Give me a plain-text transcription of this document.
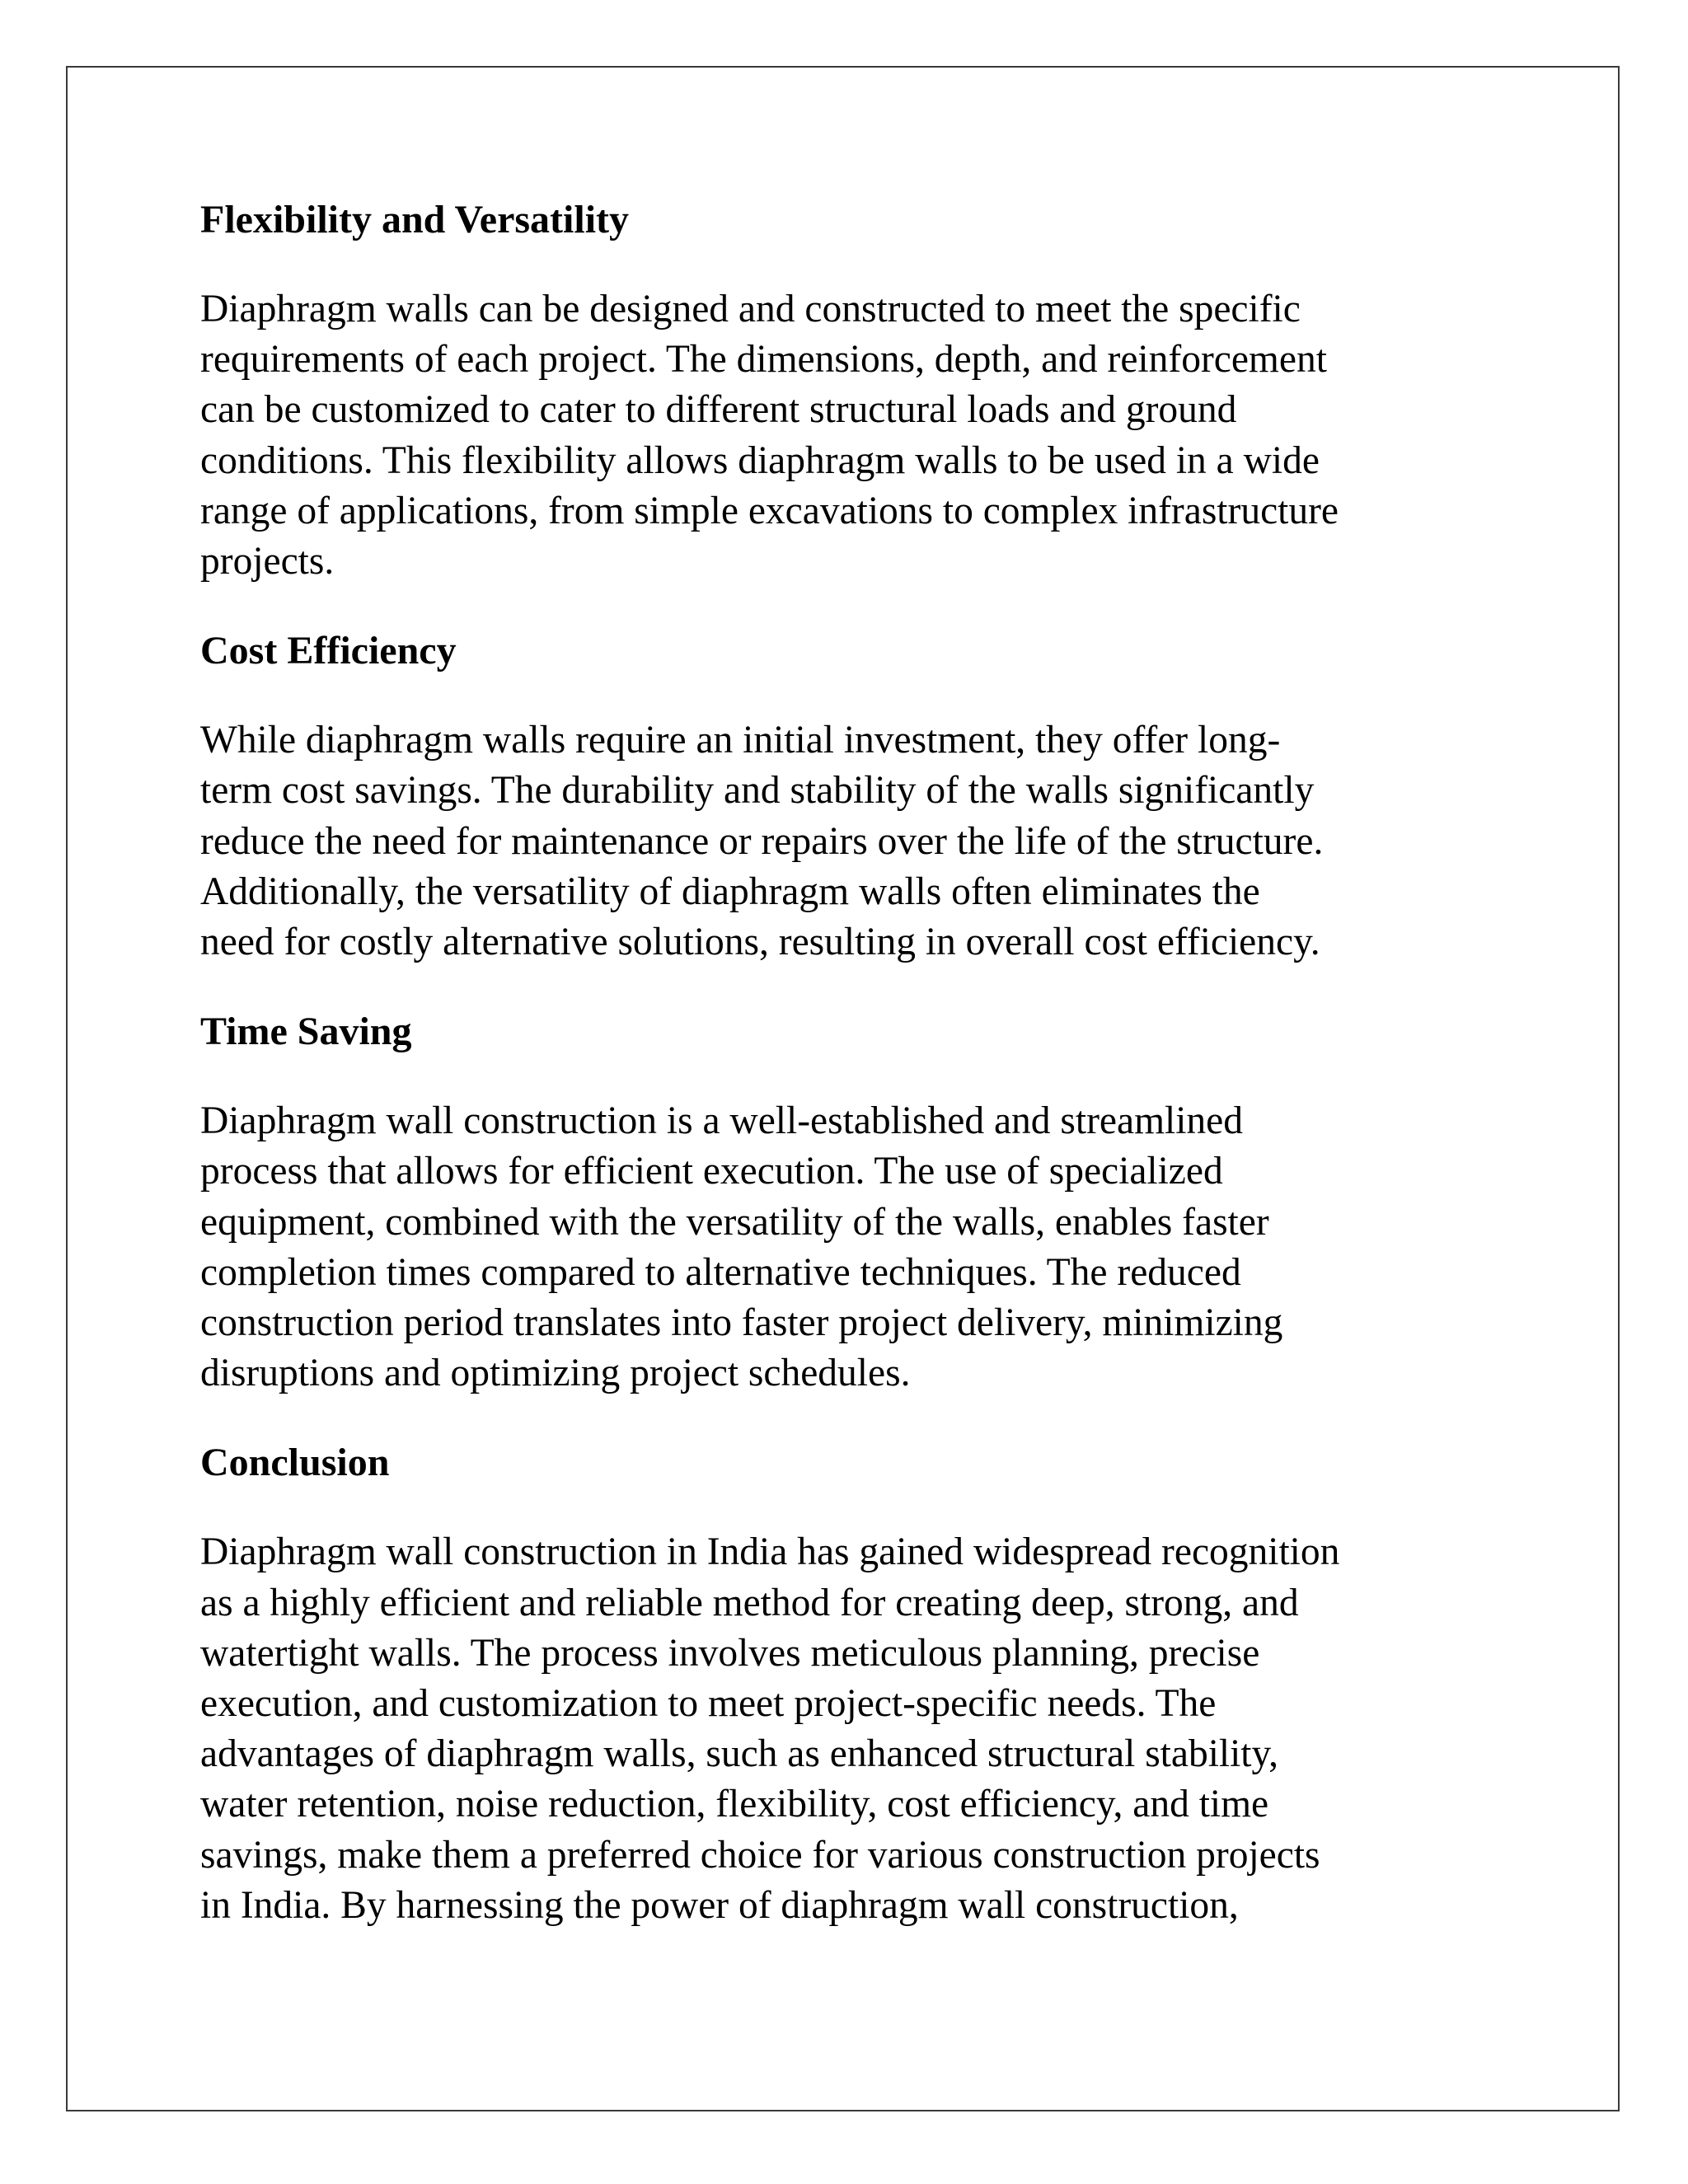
Flexibility and Versatility

Diaphragm walls can be designed and constructed to meet the specific
requirements of each project. The dimensions, depth, and reinforcement
can be customized to cater to different structural loads and ground
conditions. This flexibility allows diaphragm walls to be used in a wide
range of applications, from simple excavations to complex infrastructure
projects.

Cost Efficiency

While diaphragm walls require an initial investment, they offer long-
term cost savings. The durability and stability of the walls significantly
reduce the need for maintenance or repairs over the life of the structure.
Additionally, the versatility of diaphragm walls often eliminates the
need for costly alternative solutions, resulting in overall cost efficiency.

Time Saving

Diaphragm wall construction is a well-established and streamlined
process that allows for efficient execution. The use of specialized
equipment, combined with the versatility of the walls, enables faster
completion times compared to alternative techniques. The reduced
construction period translates into faster project delivery, minimizing
disruptions and optimizing project schedules.

Conclusion

Diaphragm wall construction in India has gained widespread recognition
as a highly efficient and reliable method for creating deep, strong, and
watertight walls. The process involves meticulous planning, precise
execution, and customization to meet project-specific needs. The
advantages of diaphragm walls, such as enhanced structural stability,
water retention, noise reduction, flexibility, cost efficiency, and time
savings, make them a preferred choice for various construction projects
in India. By harnessing the power of diaphragm wall construction,
